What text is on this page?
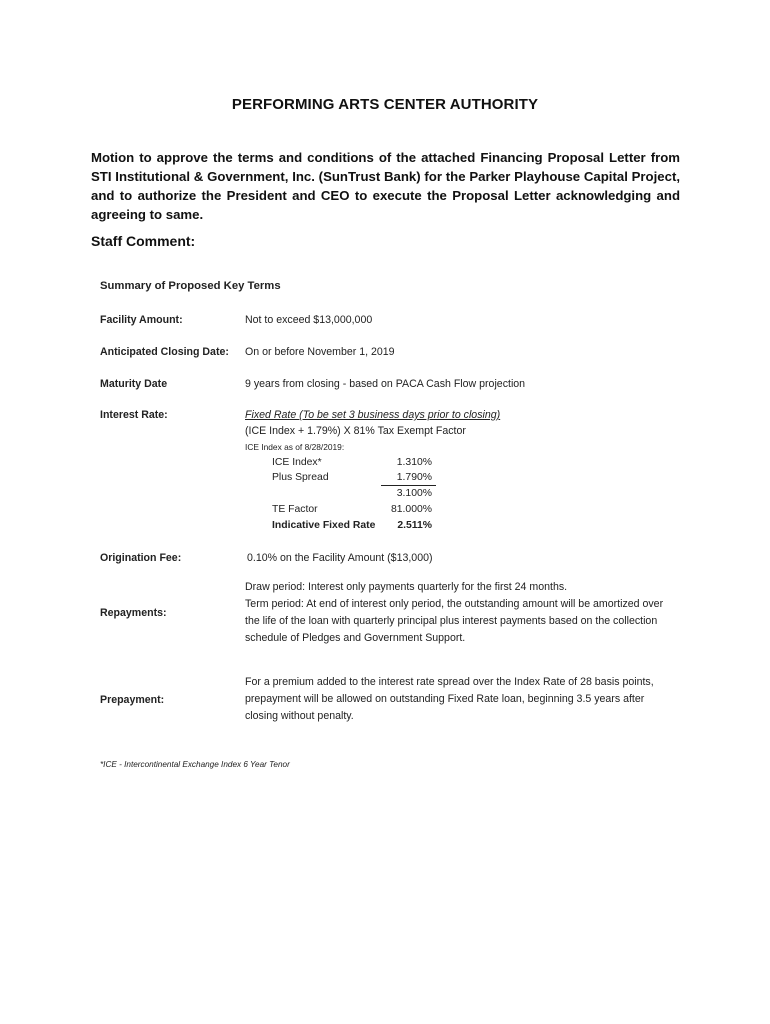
PERFORMING ARTS CENTER AUTHORITY
Motion to approve the terms and conditions of the attached Financing Proposal Letter from STI Institutional & Government, Inc. (SunTrust Bank) for the Parker Playhouse Capital Project, and to authorize the President and CEO to execute the Proposal Letter acknowledging and agreeing to same.
Staff Comment:
Summary of Proposed Key Terms
Facility Amount:	Not to exceed $13,000,000
Anticipated Closing Date: On or before November 1, 2019
Maturity Date	9 years from closing - based on PACA Cash Flow projection
Interest Rate:	Fixed Rate (To be set 3 business days prior to closing)
(ICE Index + 1.79%) X 81% Tax Exempt Factor
ICE Index as of 8/28/2019:
ICE Index*	1.310%
Plus Spread	1.790%
3.100%
TE Factor	81.000%
Indicative Fixed Rate	2.511%
Origination Fee:	0.10% on the Facility Amount ($13,000)
Repayments:
Draw period: Interest only payments quarterly for the first 24 months.
Term period: At end of interest only period, the outstanding amount will be amortized over the life of the loan with quarterly principal plus interest payments based on the collection schedule of Pledges and Government Support.
Prepayment:
For a premium added to the interest rate spread over the Index Rate of 28 basis points, prepayment will be allowed on outstanding Fixed Rate loan, beginning 3.5 years after closing without penalty.
*ICE - Intercontinental Exchange Index 6 Year Tenor
